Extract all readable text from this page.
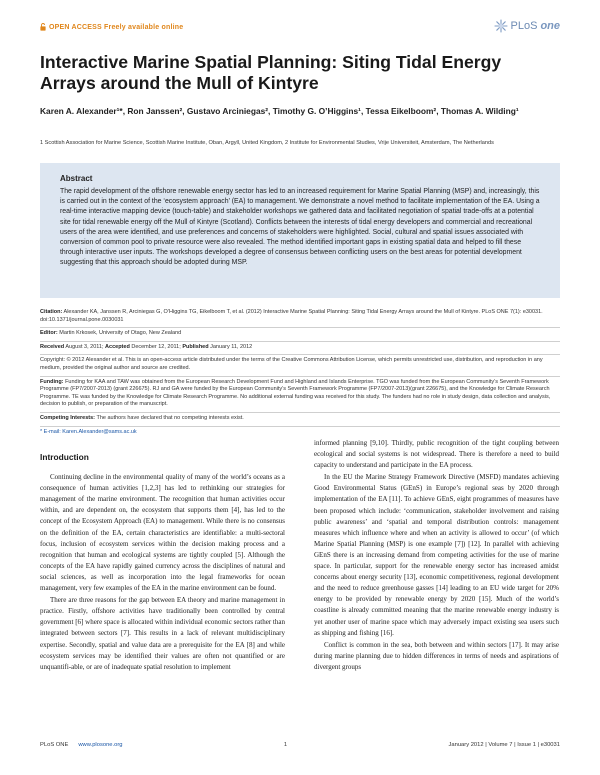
OPEN ACCESS Freely available online	PLoS one
Interactive Marine Spatial Planning: Siting Tidal Energy Arrays around the Mull of Kintyre
Karen A. Alexander¹*, Ron Janssen², Gustavo Arciniegas², Timothy G. O’Higgins¹, Tessa Eikelboom², Thomas A. Wilding¹
1 Scottish Association for Marine Science, Scottish Marine Institute, Oban, Argyll, United Kingdom, 2 Institute for Environmental Studies, Vrije Universiteit, Amsterdam, The Netherlands
Abstract

The rapid development of the offshore renewable energy sector has led to an increased requirement for Marine Spatial Planning (MSP) and, increasingly, this is carried out in the context of the ‘ecosystem approach’ (EA) to management. We demonstrate a novel method to facilitate implementation of the EA. Using a real-time interactive mapping device (touch-table) and stakeholder workshops we gathered data and facilitated negotiation of spatial trade-offs at a potential site for tidal renewable energy off the Mull of Kintyre (Scotland). Conflicts between the interests of tidal energy developers and commercial and recreational users of the area were identified, and use preferences and concerns of stakeholders were highlighted. Social, cultural and spatial issues associated with conversion of common pool to private resource were also revealed. The method identified important gaps in existing spatial data and helped to fill these through interactive user inputs. The workshops developed a degree of consensus between conflicting users on the best areas for potential development suggesting that this approach should be adopted during MSP.

Citation: Alexander KA, Janssen R, Arciniegas G, O’Higgins TG, Eikelboom T, et al. (2012) Interactive Marine Spatial Planning: Siting Tidal Energy Arrays around the Mull of Kintyre. PLoS ONE 7(1): e30031. doi:10.1371/journal.pone.0030031
Editor: Martin Krkosek, University of Otago, New Zealand
Received August 3, 2011; Accepted December 12, 2011; Published January 11, 2012
Copyright: © 2012 Alexander et al. This is an open-access article distributed under the terms of the Creative Commons Attribution License, which permits unrestricted use, distribution, and reproduction in any medium, provided the original author and source are credited.
Funding: Funding for KAA and TAW was obtained from the European Research Development Fund and Highland and Islands Enterprise. TGO was funded from the European Community’s Seventh Framework Programme (FP7/2007-2013) (grant 226675). RJ and GA were funded by the European Community’s Seventh Framework Programme (FP7/2007-2013)(grant 226675), and the Knowledge for Climate Research Programme. TE was funded by the Knowledge for Climate Research Programme. No additional external funding was received for this study. The funders had no role in study design, data collection and analysis, decision to publish, or preparation of the manuscript.
Competing Interests: The authors have declared that no competing interests exist.
* E-mail: Karen.Alexander@sams.ac.uk
Introduction

Continuing decline in the environmental quality of many of the world’s oceans as a consequence of human activities [1,2,3] has led to rethinking our strategies for management of the marine environment. The recognition that human activities occur within, and are dependent on, the ecosystem that supports them [4], has led to the concept of the Ecosystem Approach (EA) to management. While there is no consensus on the definition of the EA, certain characteristics are identifiable: a multi-sectoral focus, inclusion of ecosystem services within the decision making process and a recognition that human and ecological systems are tightly coupled [5]. Although the concepts of the EA have rapidly gained currency across the disciplines of natural and social sciences, as well as incorporation into the legal frameworks for ocean management, very few examples of the EA in the marine environment can be found.

There are three reasons for the gap between EA theory and marine management in practice. Firstly, offshore activities have traditionally been controlled by central government [6] where space is allocated within individual economic sectors rather than integrated between sectors [7]. This results in a lack of relevant multidisciplinary expertise. Secondly, spatial and value data are a prerequisite for the EA [8] and while ecosystem services may be identified their values are often not quantified or are unquantifi-able, or are of inadequate spatial resolution to implement

informed planning [9,10]. Thirdly, public recognition of the tight coupling between ecological and social systems is not widespread. There is therefore a need to build capacity to understand and participate in the EA process.

In the EU the Marine Strategy Framework Directive (MSFD) mandates achieving Good Environmental Status (GEnS) in Europe’s regional seas by 2020 through implementation of the EA [11]. To achieve GEnS, eight programmes of measures have been proposed which include: ‘communication, stakeholder involvement and raising public awareness’ and ‘spatial and temporal distribution controls: management measures which influence where and when an activity is allowed to occur’ (of which Marine Spatial Planning (MSP) is one example [7]) [12]. In parallel with achieving GEnS there is an increasing demand from competing activities for the use of marine space. In particular, support for the renewable energy sector has increased amidst concerns about energy security [13], economic competitiveness, regional development and the need to reduce greenhouse gasses [14] leading to an EU wide target for 20% energy to be provided by renewable energy by 2020 [15]. Much of the world’s coastline is already committed meaning that the marine renewable energy industry is yet another user of marine space which may adversely impact existing sea users such as shipping and fishing [16].

Conflict is common in the sea, both between and within sectors [17]. It may arise during marine planning due to hidden differences in terms of needs and aspirations of divergent groups

PLoS ONE www.plosone.org	1	January 2012 | Volume 7 | Issue 1 | e30031
